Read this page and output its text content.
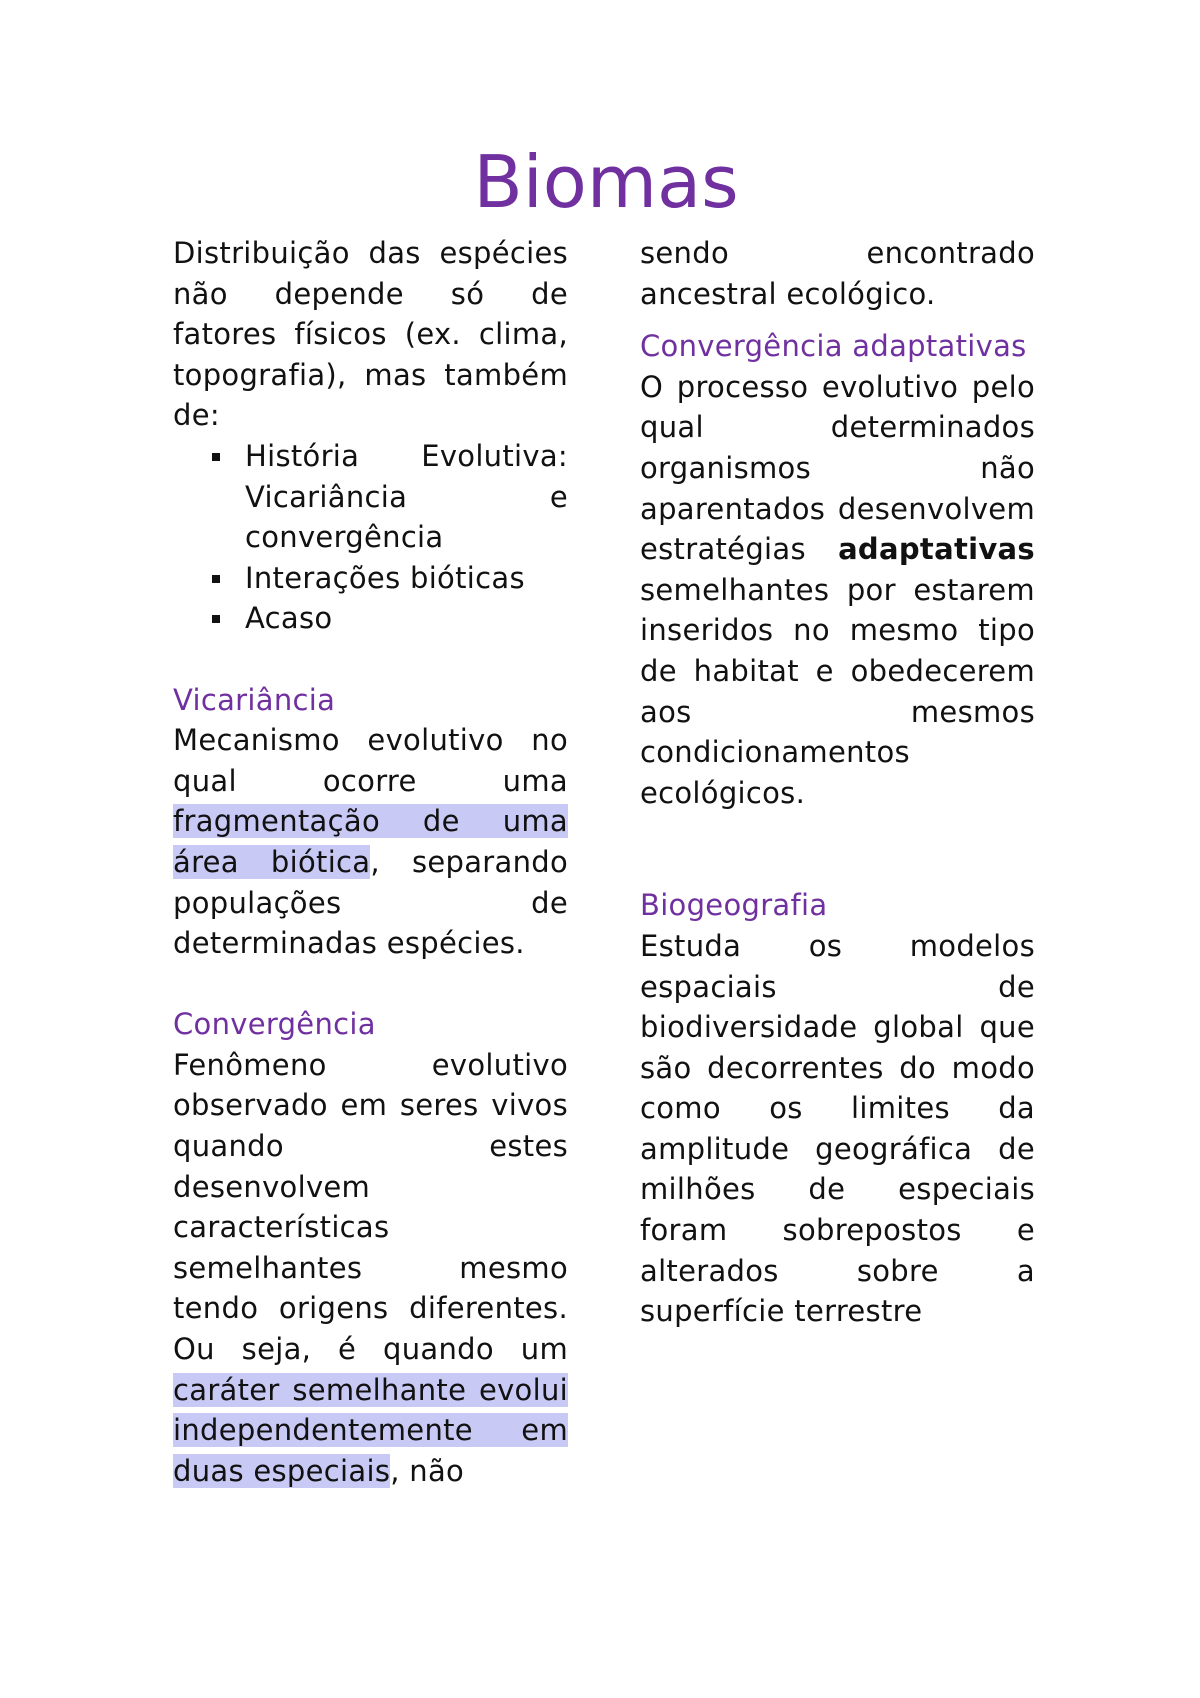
Biomas

Distribuição das espécies não depende só de fatores físicos (ex. clima, topografia), mas também de:

História Evolutiva: Vicariância e convergência
Interações bióticas
Acaso

Vicariância

Mecanismo evolutivo no qual ocorre uma fragmentação de uma área biótica, separando populações de determinadas espécies.

Convergência

Fenômeno evolutivo observado em seres vivos quando estes desenvolvem características semelhantes mesmo tendo origens diferentes. Ou seja, é quando um caráter semelhante evolui independentemente em duas especiais, não

sendo encontrado ancestral ecológico.

Convergência adaptativas

O processo evolutivo pelo qual determinados organismos não aparentados desenvolvem estratégias adaptativas semelhantes por estarem inseridos no mesmo tipo de habitat e obedecerem aos mesmos condicionamentos ecológicos.

Biogeografia

Estuda os modelos espaciais de biodiversidade global que são decorrentes do modo como os limites da amplitude geográfica de milhões de especiais foram sobrepostos e alterados sobre a superfície terrestre
